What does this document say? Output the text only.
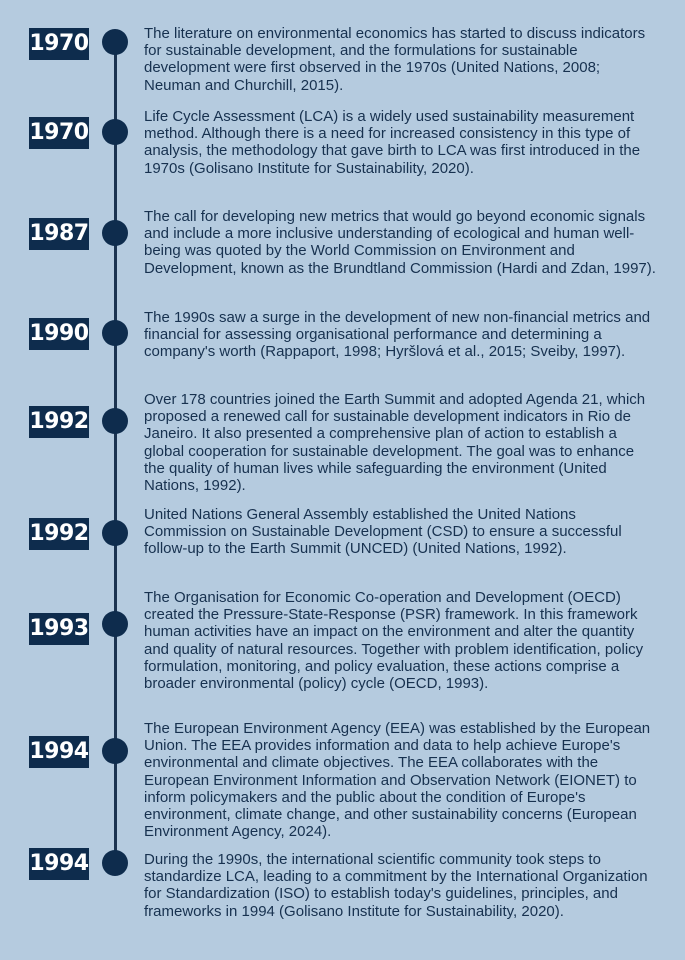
1970	The literature on environmental economics has started to discuss indicators for sustainable development, and the formulations for sustainable development were first observed in the 1970s (United Nations, 2008; Neuman and Churchill, 2015).
1970
Life Cycle Assessment (LCA) is a widely used sustainability measurement method. Although there is a need for increased consistency in this type of analysis, the methodology that gave birth to LCA was first introduced in the 1970s (Golisano Institute for Sustainability, 2020).
1987
The call for developing new metrics that would go beyond economic signals and include a more inclusive understanding of ecological and human well-being was quoted by the World Commission on Environment and Development, known as the Brundtland Commission (Hardi and Zdan, 1997).
1990
The 1990s saw a surge in the development of new non-financial metrics and financial for assessing organisational performance and determining a company's worth (Rappaport, 1998; Hyršlová et al., 2015; Sveiby, 1997).
1992
Over 178 countries joined the Earth Summit and adopted Agenda 21, which proposed a renewed call for sustainable development indicators in Rio de Janeiro. It also presented a comprehensive plan of action to establish a global cooperation for sustainable development. The goal was to enhance the quality of human lives while safeguarding the environment (United Nations, 1992).
1992
United Nations General Assembly established the United Nations Commission on Sustainable Development (CSD) to ensure a successful follow-up to the Earth Summit (UNCED) (United Nations, 1992).
1993
The Organisation for Economic Co-operation and Development (OECD) created the Pressure-State-Response (PSR) framework. In this framework human activities have an impact on the environment and alter the quantity and quality of natural resources. Together with problem identification, policy formulation, monitoring, and policy evaluation, these actions comprise a broader environmental (policy) cycle (OECD, 1993).
1994
The European Environment Agency (EEA) was established by the European Union. The EEA provides information and data to help achieve Europe's environmental and climate objectives. The EEA collaborates with the European Environment Information and Observation Network (EIONET) to inform policymakers and the public about the condition of Europe's environment, climate change, and other sustainability concerns (European Environment Agency, 2024).
1994	During the 1990s, the international scientific community took steps to standardize LCA, leading to a commitment by the International Organization for Standardization (ISO) to establish today's guidelines, principles, and frameworks in 1994 (Golisano Institute for Sustainability, 2020).
